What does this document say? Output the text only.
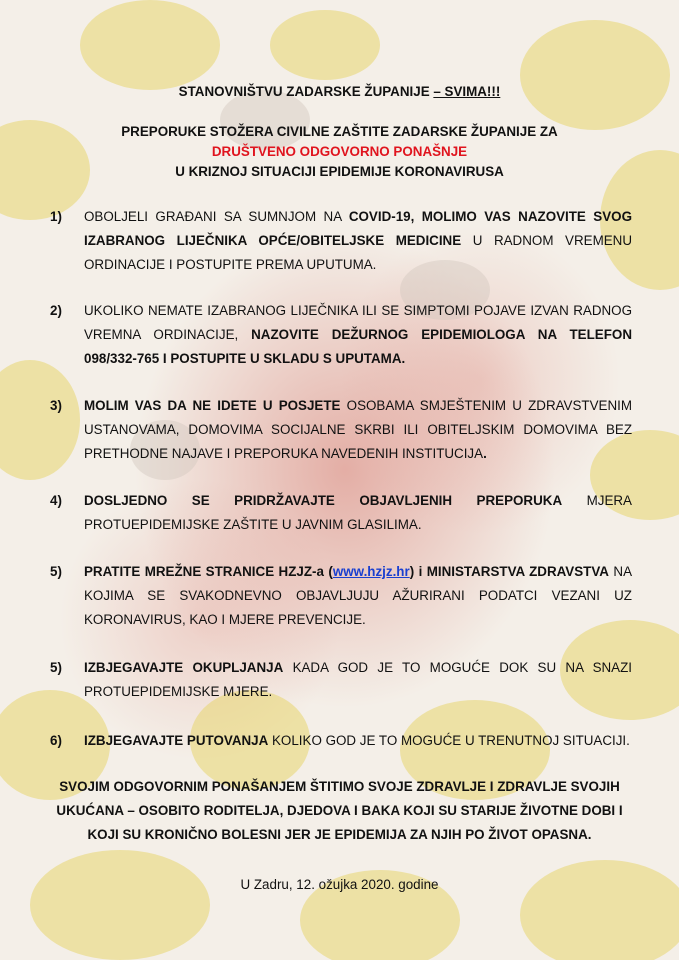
STANOVNIŠTVU ZADARSKE ŽUPANIJE – SVIMA!!!
PREPORUKE STOŽERA CIVILNE ZAŠTITE ZADARSKE ŽUPANIJE ZA
DRUŠTVENO ODGOVORNO PONAŠNJE
U KRIZNOJ SITUACIJI EPIDEMIJE KORONAVIRUSA
1) OBOLJELI GRAĐANI SA SUMNJOM NA COVID-19, MOLIMO VAS NAZOVITE SVOG IZABRANOG LIJEČNIKA OPĆE/OBITELJSKE MEDICINE U RADNOM VREMENU ORDINACIJE I POSTUPITE PREMA UPUTUMA.
2) UKOLIKO NEMATE IZABRANOG LIJEČNIKA ILI SE SIMPTOMI POJAVE IZVAN RADNOG VREMNA ORDINACIJE, NAZOVITE DEŽURNOG EPIDEMIOLOGA NA TELEFON 098/332-765 I POSTUPITE U SKLADU S UPUTAMA.
3) MOLIM VAS DA NE IDETE U POSJETE OSOBAMA SMJEŠTENIM U ZDRAVSTVENIM USTANOVAMA, DOMOVIMA SOCIJALNE SKRBI ILI OBITELJSKIM DOMOVIMA BEZ PRETHODNE NAJAVE I PREPORUKA NAVEDENIH INSTITUCIJA.
4) DOSLJEDNO SE PRIDRŽAVAJTE OBJAVLJENIH PREPORUKA MJERA PROTUEPIDEMIJSKE ZAŠTITE U JAVNIM GLASILIMA.
5) PRATITE MREŽNE STRANICE HZJZ-a (www.hzjz.hr) i MINISTARSTVA ZDRAVSTVA NA KOJIMA SE SVAKODNEVNO OBJAVLJUJU AŽURIRANI PODATCI VEZANI UZ KORONAVIRUS, KAO I MJERE PREVENCIJE.
5) IZBJEGAVAJTE OKUPLJANJA KADA GOD JE TO MOGUĆE DOK SU NA SNAZI PROTUEPIDEMIJSKE MJERE.
6) IZBJEGAVAJTE PUTOVANJA KOLIKO GOD JE TO MOGUĆE U TRENUTNOJ SITUACIJI.
SVOJIM ODGOVORNIM PONAŠANJEM ŠTITIMO SVOJE ZDRAVLJE I ZDRAVLJE SVOJIH
UKUĆANA – OSOBITO RODITELJA, DJEDOVA I BAKA KOJI SU STARIJE ŽIVOTNE DOBI I
KOJI SU KRONIČNO BOLESNI JER JE EPIDEMIJA ZA NJIH PO ŽIVOT OPASNA.
U Zadru, 12. ožujka 2020. godine
